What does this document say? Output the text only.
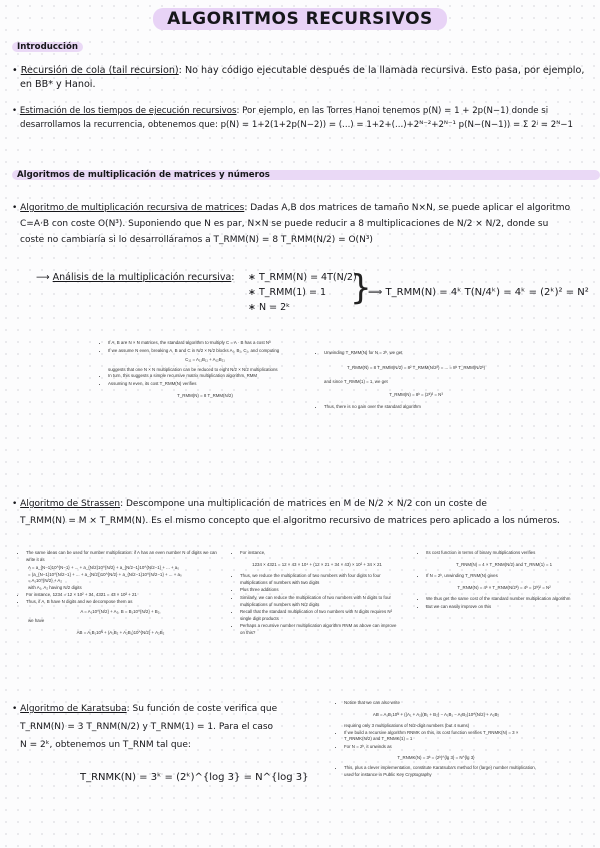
ALGORITMOS RECURSIVOS
Introducción
• Recursión de cola (tail recursion): No hay código ejecutable después de la llamada recursiva. Esto pasa, por ejemplo,
en BB* y Hanoi.
• Estimación de los tiempos de ejecución recursivos: Por ejemplo, en las Torres Hanoi tenemos p(N) = 1 + 2p(N−1) donde si
desarrollamos la recurrencia, obtenemos que: p(N) = 1+2(1+2p(N−2)) = (...) = 1+2+(...)+2ᴺ⁻²+2ᴺ⁻¹ p(N−(N−1)) = Σ 2ʲ = 2ᴺ−1
Algoritmos de multiplicación de matrices y números
• Algoritmo de multiplicación recursiva de matrices: Dadas A,B dos matrices de tamaño N×N, se puede aplicar el algoritmo
C=A·B con coste O(N³). Suponiendo que N es par, N×N se puede reducir a 8 multiplicaciones de N/2 × N/2, donde su
coste no cambiaría si lo desarrolláramos a T_RMM(N) = 8 T_RMM(N/2) = O(N³)
⟶ Análisis de la multiplicación recursiva: ∗ T_RMM(N) = 4T(N/2)
∗ T_RMM(1) = 1
∗ N = 2ᵏ	}
⟹ T_RMM(N) = 4ᵏ T(N/4ᵏ) = 4ᵏ = (2ᵏ)² = N²
• If A, B are N × N matrices, the standard algorithm to multiply C = A · B has a cost N³
• If we assume N even, breaking A, B and C in N/2 × N/2 blocks A₁, B₁, C₁, and computing
C₁₁ = A₁₁B₁₁ + A₁₂B₂₁
suggests that one N × N multiplication can be reduced to eight N/2 × N/2 multiplications
• In turn, this suggests a simple recursive matrix multiplication algorithm, RMM
• Assuming N even, its cost T_RMM(N) verifies
T_RMM(N) = 8 T_RMM(N/2)
• Unwinding T_RMM(N) for N = 2ᵏ, we get
T_RMM(N) = 8 T_RMM(N/2) = 8² T_RMM(N/2²) = ... = 8ᵏ T_RMM(N/2ᵏ)
and since T_RMM(1) = 1, we get
T_RMM(N) = 8ᵏ = (2ᵏ)³ = N³
• Thus, there is no gain over the standard algorithm
• Algoritmo de Strassen: Descompone una multiplicación de matrices en M de N/2 × N/2 con un coste de
T_RMM(N) = M × T_RMM(N). Es el mismo concepto que el algoritmo recursivo de matrices pero aplicado a los números.
• The same ideas can be used for number multiplication: if A has an even number N of digits we can write it as
A = a_{N−1}10^{N−1} + ... + a_{N/2}10^{N/2} + a_{N/2−1}10^{N/2−1} + ... + a₀
= (a_{N−1}10^{N/2−1} + ... + a_{N/2})10^{N/2} + a_{N/2−1}10^{N/2−1} + ... + a₀
= A₁10^{N/2} + A₂
with A₁, A₂ having N/2 digits
• For instance, 1234 = 12 × 10² + 34, 4321 = 43 × 10² + 21
• Thus, if A, B have N digits and we decompose them as
A = A₁10^{N/2} + A₂, B = B₁10^{N/2} + B₂,
we have
AB = A₁B₁10ᴺ + (A₁B₂ + A₂B₁)10^{N/2} + A₂B₂
• For instance,
1234 × 4321 = 12 × 43 × 10⁴ + (12 × 21 + 34 × 43) × 10² + 34 × 21
• Thus, we reduce the multiplication of two numbers with four digits to four multiplications of numbers with two digits
• Plus three additions
• Similarly, we can reduce the multiplication of two numbers with N digits to four multiplications of numbers with N/2 digits
• Recall that the standard multiplication of two numbers with N digits requires N² single digit products
• Perhaps a recursive number multiplication algorithm RNM as above can improve on this?
• Its cost function in terms of binary multiplications verifies
T_RNM(N) = 4 × T_RNM(N/2) and T_RNM(1) = 1
• If N = 2ᵏ, unwinding T_RNM(N) gives
T_RNM(N) = 4ᵏ × T_RNM(N/2ᵏ) = 4ᵏ = (2ᵏ)² = N²
• We thus get the same cost of the standard number multiplication algorithm
• But we can easily improve on this
• Algoritmo de Karatsuba: Su función de coste verifica que
T_RNM(N) = 3 T_RNM(N/2) y T_RNM(1) = 1. Para el caso
N = 2ᵏ, obtenemos un T_RNM tal que:
T_RNMK(N) = 3ᵏ = (2ᵏ)^{log 3} = N^{log 3}
• Notice that we can also write
AB = A₁B₁10ᴺ + ((A₁ + A₂)(B₁ + B₂) − A₁B₁ − A₂B₂)10^{N/2} + A₂B₂
requiring only 3 multiplications of N/2-digit numbers (but 4 sums)
• If we build a recursive algorithm RNMK on this, its cost function verifies T_RNMK(N) = 3 × T_RNMK(N/2) and T_RNMK(1) = 1
• For N = 2ᵏ, it unwinds as
T_RNMK(N) = 3ᵏ = (2ᵏ)^{lg 3} = N^{lg 3}
• This, plus a clever implementation, constitute Karatsuba's method for (large) number multiplication, used for instance in Public Key Cryptography
